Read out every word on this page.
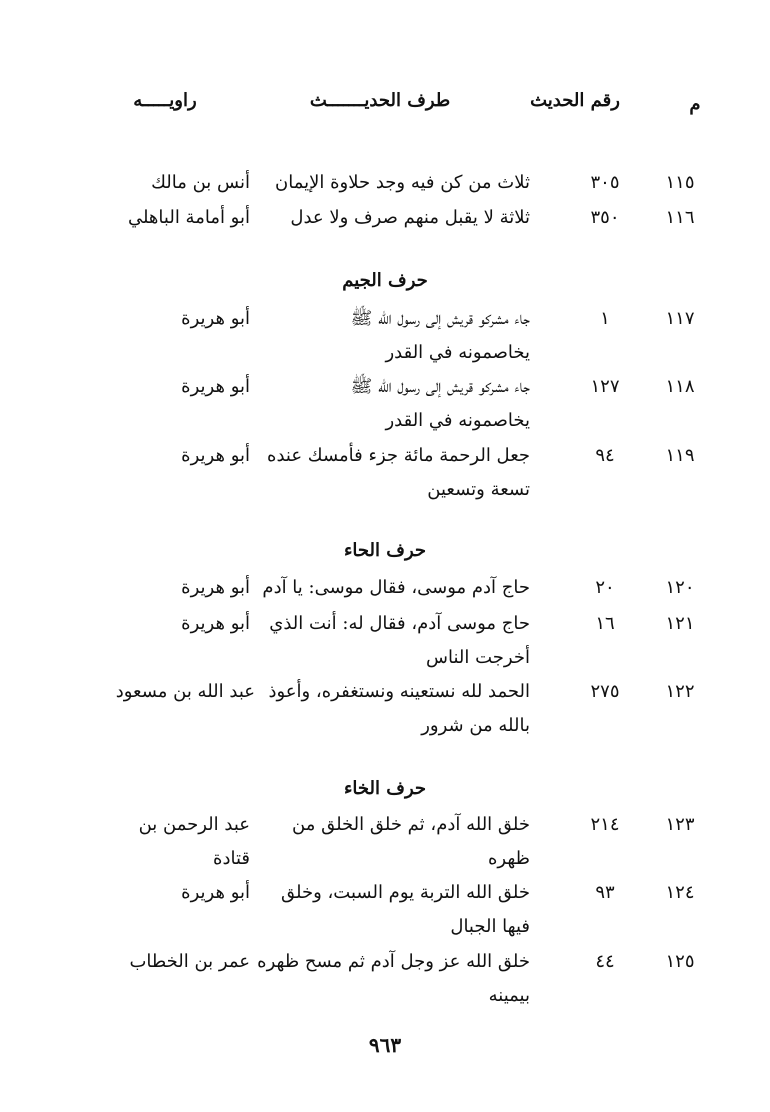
م
رقم الحديث
طرف الحديـــــــث
راويـــــه
١١٥
٣٠٥
ثلاث من كن فيه وجد حلاوة الإيمان
أنس بن مالك
١١٦
٣٥٠
ثلاثة لا يقبل منهم صرف ولا عدل
أبو أمامة الباهلي
حرف الجيم
١١٧
١
جاء مشركو قريش إلى رسول الله ﷺ
يخاصمونه في القدر
أبو هريرة
١١٨
١٢٧
جاء مشركو قريش إلى رسول الله ﷺ
يخاصمونه في القدر
أبو هريرة
١١٩
٩٤
جعل الرحمة مائة جزء فأمسك عنده
تسعة وتسعين
أبو هريرة
حرف الحاء
١٢٠
٢٠
حاج آدم موسى، فقال موسى: يا آدم
أبو هريرة
١٢١
١٦
حاج موسى آدم، فقال له: أنت الذي
أخرجت الناس
أبو هريرة
١٢٢
٢٧٥
الحمد لله نستعينه ونستغفره، وأعوذ
بالله من شرور
عبد الله بن مسعود
حرف الخاء
١٢٣
٢١٤
خلق الله آدم، ثم خلق الخلق من
ظهره
عبد الرحمن بن
قتادة
١٢٤
٩٣
خلق الله التربة يوم السبت، وخلق
فيها الجبال
أبو هريرة
١٢٥
٤٤
خلق الله عز وجل آدم ثم مسح ظهره
بيمينه
عمر بن الخطاب
٩٦٣
